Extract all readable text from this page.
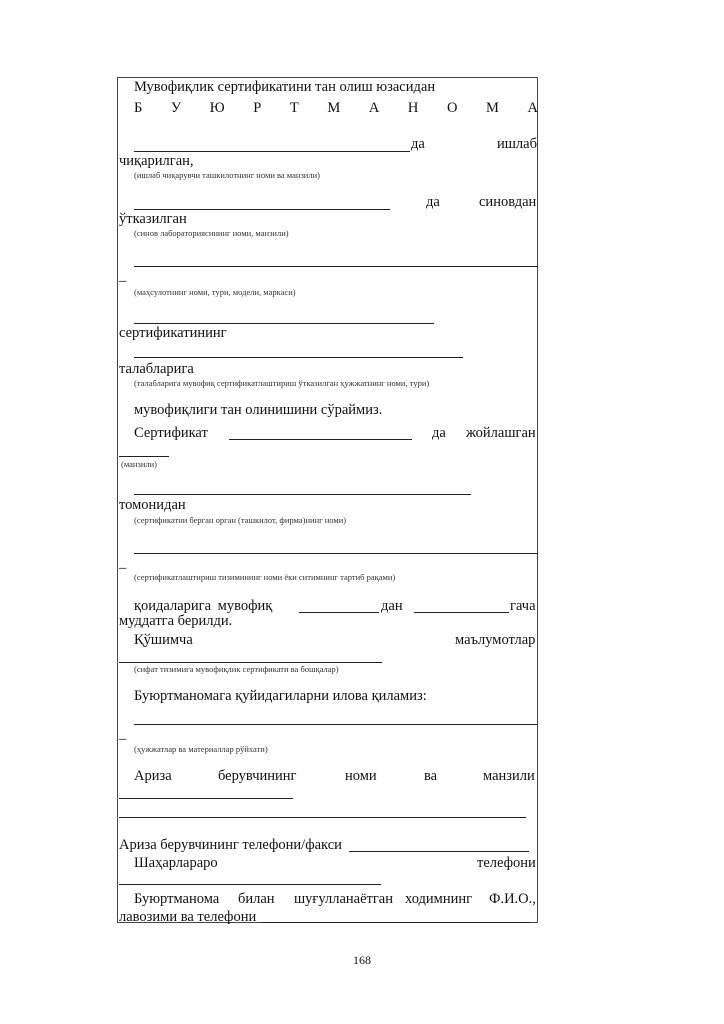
Мувофиқлик сертификатини тан олиш юзасидан
Б У Ю Р Т М А Н О М А
да	ишлаб
чиқарилган,
(ишлаб чиқарувчи ташкилотнинг номи ва манзили)
да	синовдан
ўтказилган
(синов лабораториясининг номи, манзили)
_
(маҳсулотнинг номи, тури, модели, маркаси)
сертификатининг
талабларига
(талабларига мувофиқ сертификатлаштириш ўтказилган ҳужжатнинг номи, тури)
мувофиқлиги тан олинишини сўраймиз.
Сертификат	да жойлашган
(манзили)
томонидан
(сертификатни берган орган (ташкилот, фирма)нинг номи)
_
(сертификатлаштириш тизимининг номи ёки ситимнинг тартиб рақами)
қоидаларига мувофиқ	дан	гача
муддатга берилди.
Қўшимча	маълумотлар
(сифат тизимига мувофиқлик сертификати ва бошқалар)
Буюртманомага қуйидагиларни илова қиламиз:
_
(ҳужжатлар ва материаллар рўйхати)
Ариза	берувчининг	номи	ва	манзили
Ариза берувчининг телефони/факси
Шаҳарлараро	телефони
Буюртманома билан шуғулланаётган ходимнинг Ф.И.О.,
лавозими ва телефони
168
